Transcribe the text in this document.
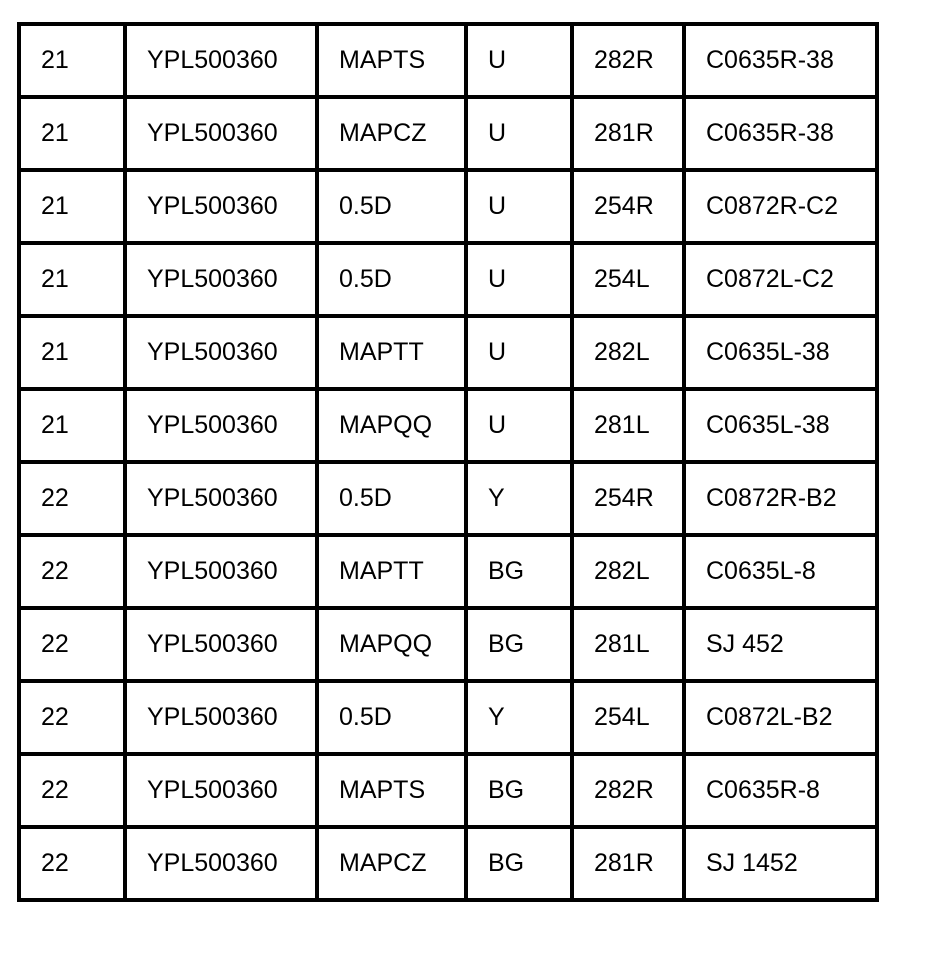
21	YPL500360	MAPTS	U	282R	C0635R-38
21	YPL500360	MAPCZ	U	281R	C0635R-38
21	YPL500360	0.5D	U	254R	C0872R-C2
21	YPL500360	0.5D	U	254L	C0872L-C2
21	YPL500360	MAPTT	U	282L	C0635L-38
21	YPL500360	MAPQQ	U	281L	C0635L-38
22	YPL500360	0.5D	Y	254R	C0872R-B2
22	YPL500360	MAPTT	BG	282L	C0635L-8
22	YPL500360	MAPQQ	BG	281L	SJ 452
22	YPL500360	0.5D	Y	254L	C0872L-B2
22	YPL500360	MAPTS	BG	282R	C0635R-8
22	YPL500360	MAPCZ	BG	281R	SJ 1452
